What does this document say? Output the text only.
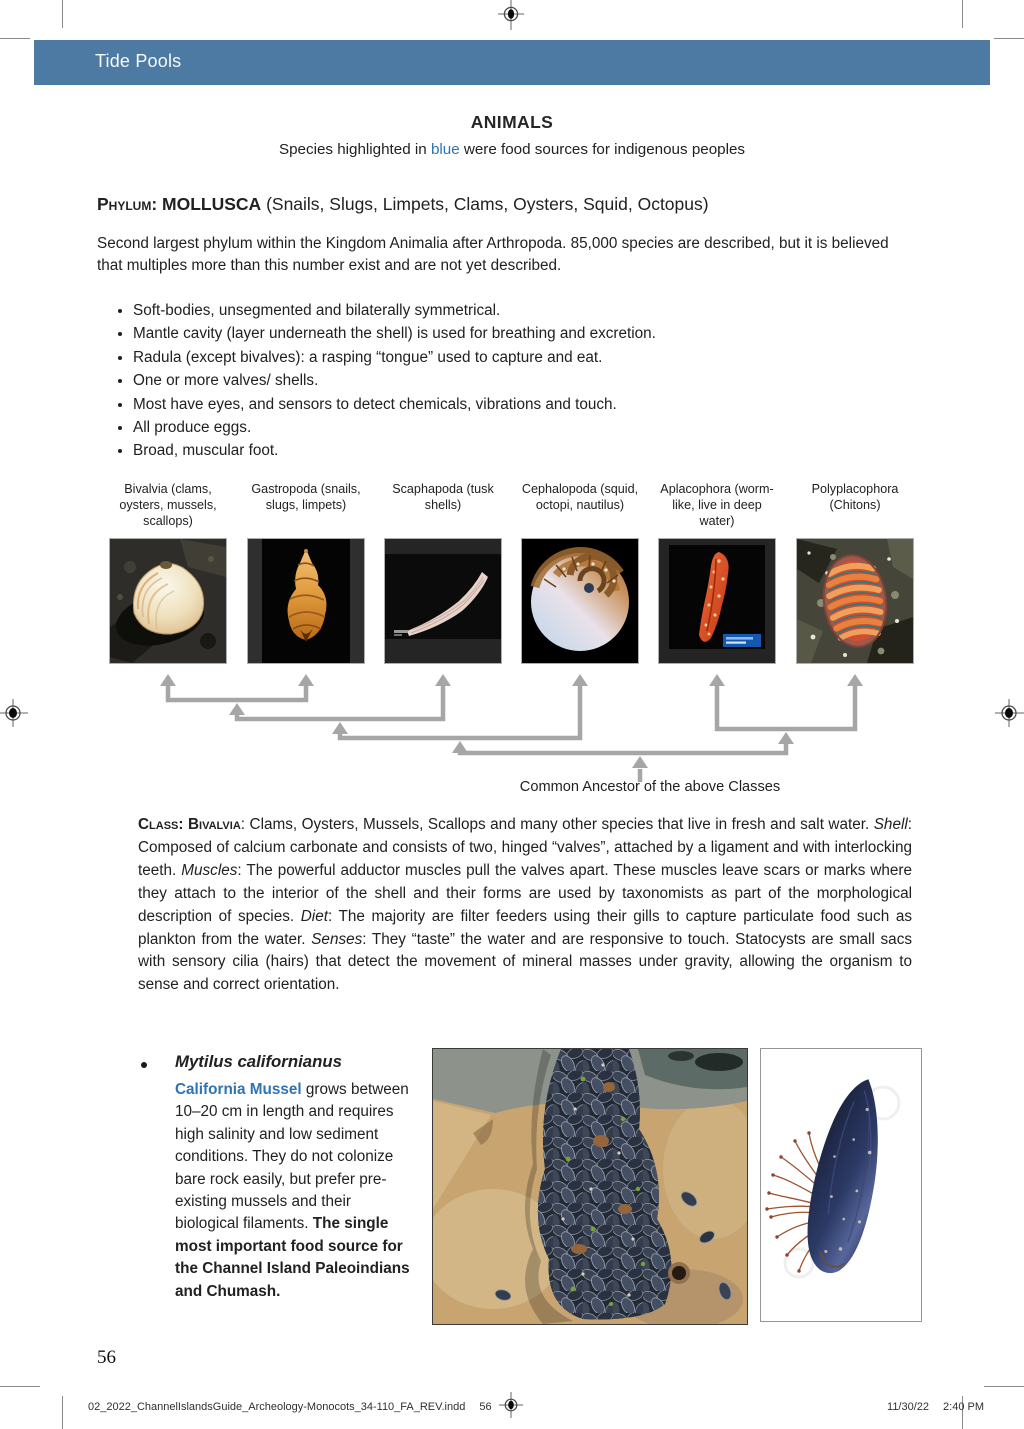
Tide Pools
ANIMALS
Species highlighted in blue were food sources for indigenous peoples
Phylum: MOLLUSCA (Snails, Slugs, Limpets, Clams, Oysters, Squid, Octopus)
Second largest phylum within the Kingdom Animalia after Arthropoda. 85,000 species are described, but it is believed that multiples more than this number exist and are not yet described.
• Soft-bodies, unsegmented and bilaterally symmetrical.
• Mantle cavity (layer underneath the shell) is used for breathing and excretion.
• Radula (except bivalves): a rasping “tongue” used to capture and eat.
• One or more valves/ shells.
• Most have eyes, and sensors to detect chemicals, vibrations and touch.
• All produce eggs.
• Broad, muscular foot.
Bivalvia (clams, oysters, mussels, scallops)
Gastropoda (snails, slugs, limpets)
Scaphapoda (tusk shells)
Cephalopoda (squid, octopi, nautilus)
Aplacophora (worm-like, live in deep water)
Polyplacophora (Chitons)
Common Ancestor of the above Classes
Class: Bivalvia: Clams, Oysters, Mussels, Scallops and many other species that live in fresh and salt water. Shell: Composed of calcium carbonate and consists of two, hinged “valves”, attached by a ligament and with interlocking teeth. Muscles: The powerful adductor muscles pull the valves apart. These muscles leave scars or marks where they attach to the interior of the shell and their forms are used by taxonomists as part of the morphological description of species. Diet: The majority are filter feeders using their gills to capture particulate food such as plankton from the water. Senses: They “taste” the water and are responsive to touch. Statocysts are small sacs with sensory cilia (hairs) that detect the movement of mineral masses under gravity, allowing the organism to sense and correct orientation.
Mytilus californianus
California Mussel grows between 10–20 cm in length and requires high salinity and low sediment conditions. They do not colonize bare rock easily, but prefer pre-existing mussels and their biological filaments. The single most important food source for the Channel Island Paleoindians and Chumash.
56
02_2022_ChannelIslandsGuide_Archeology-Monocots_34-110_FA_REV.indd 56	11/30/22 2:40 PM
